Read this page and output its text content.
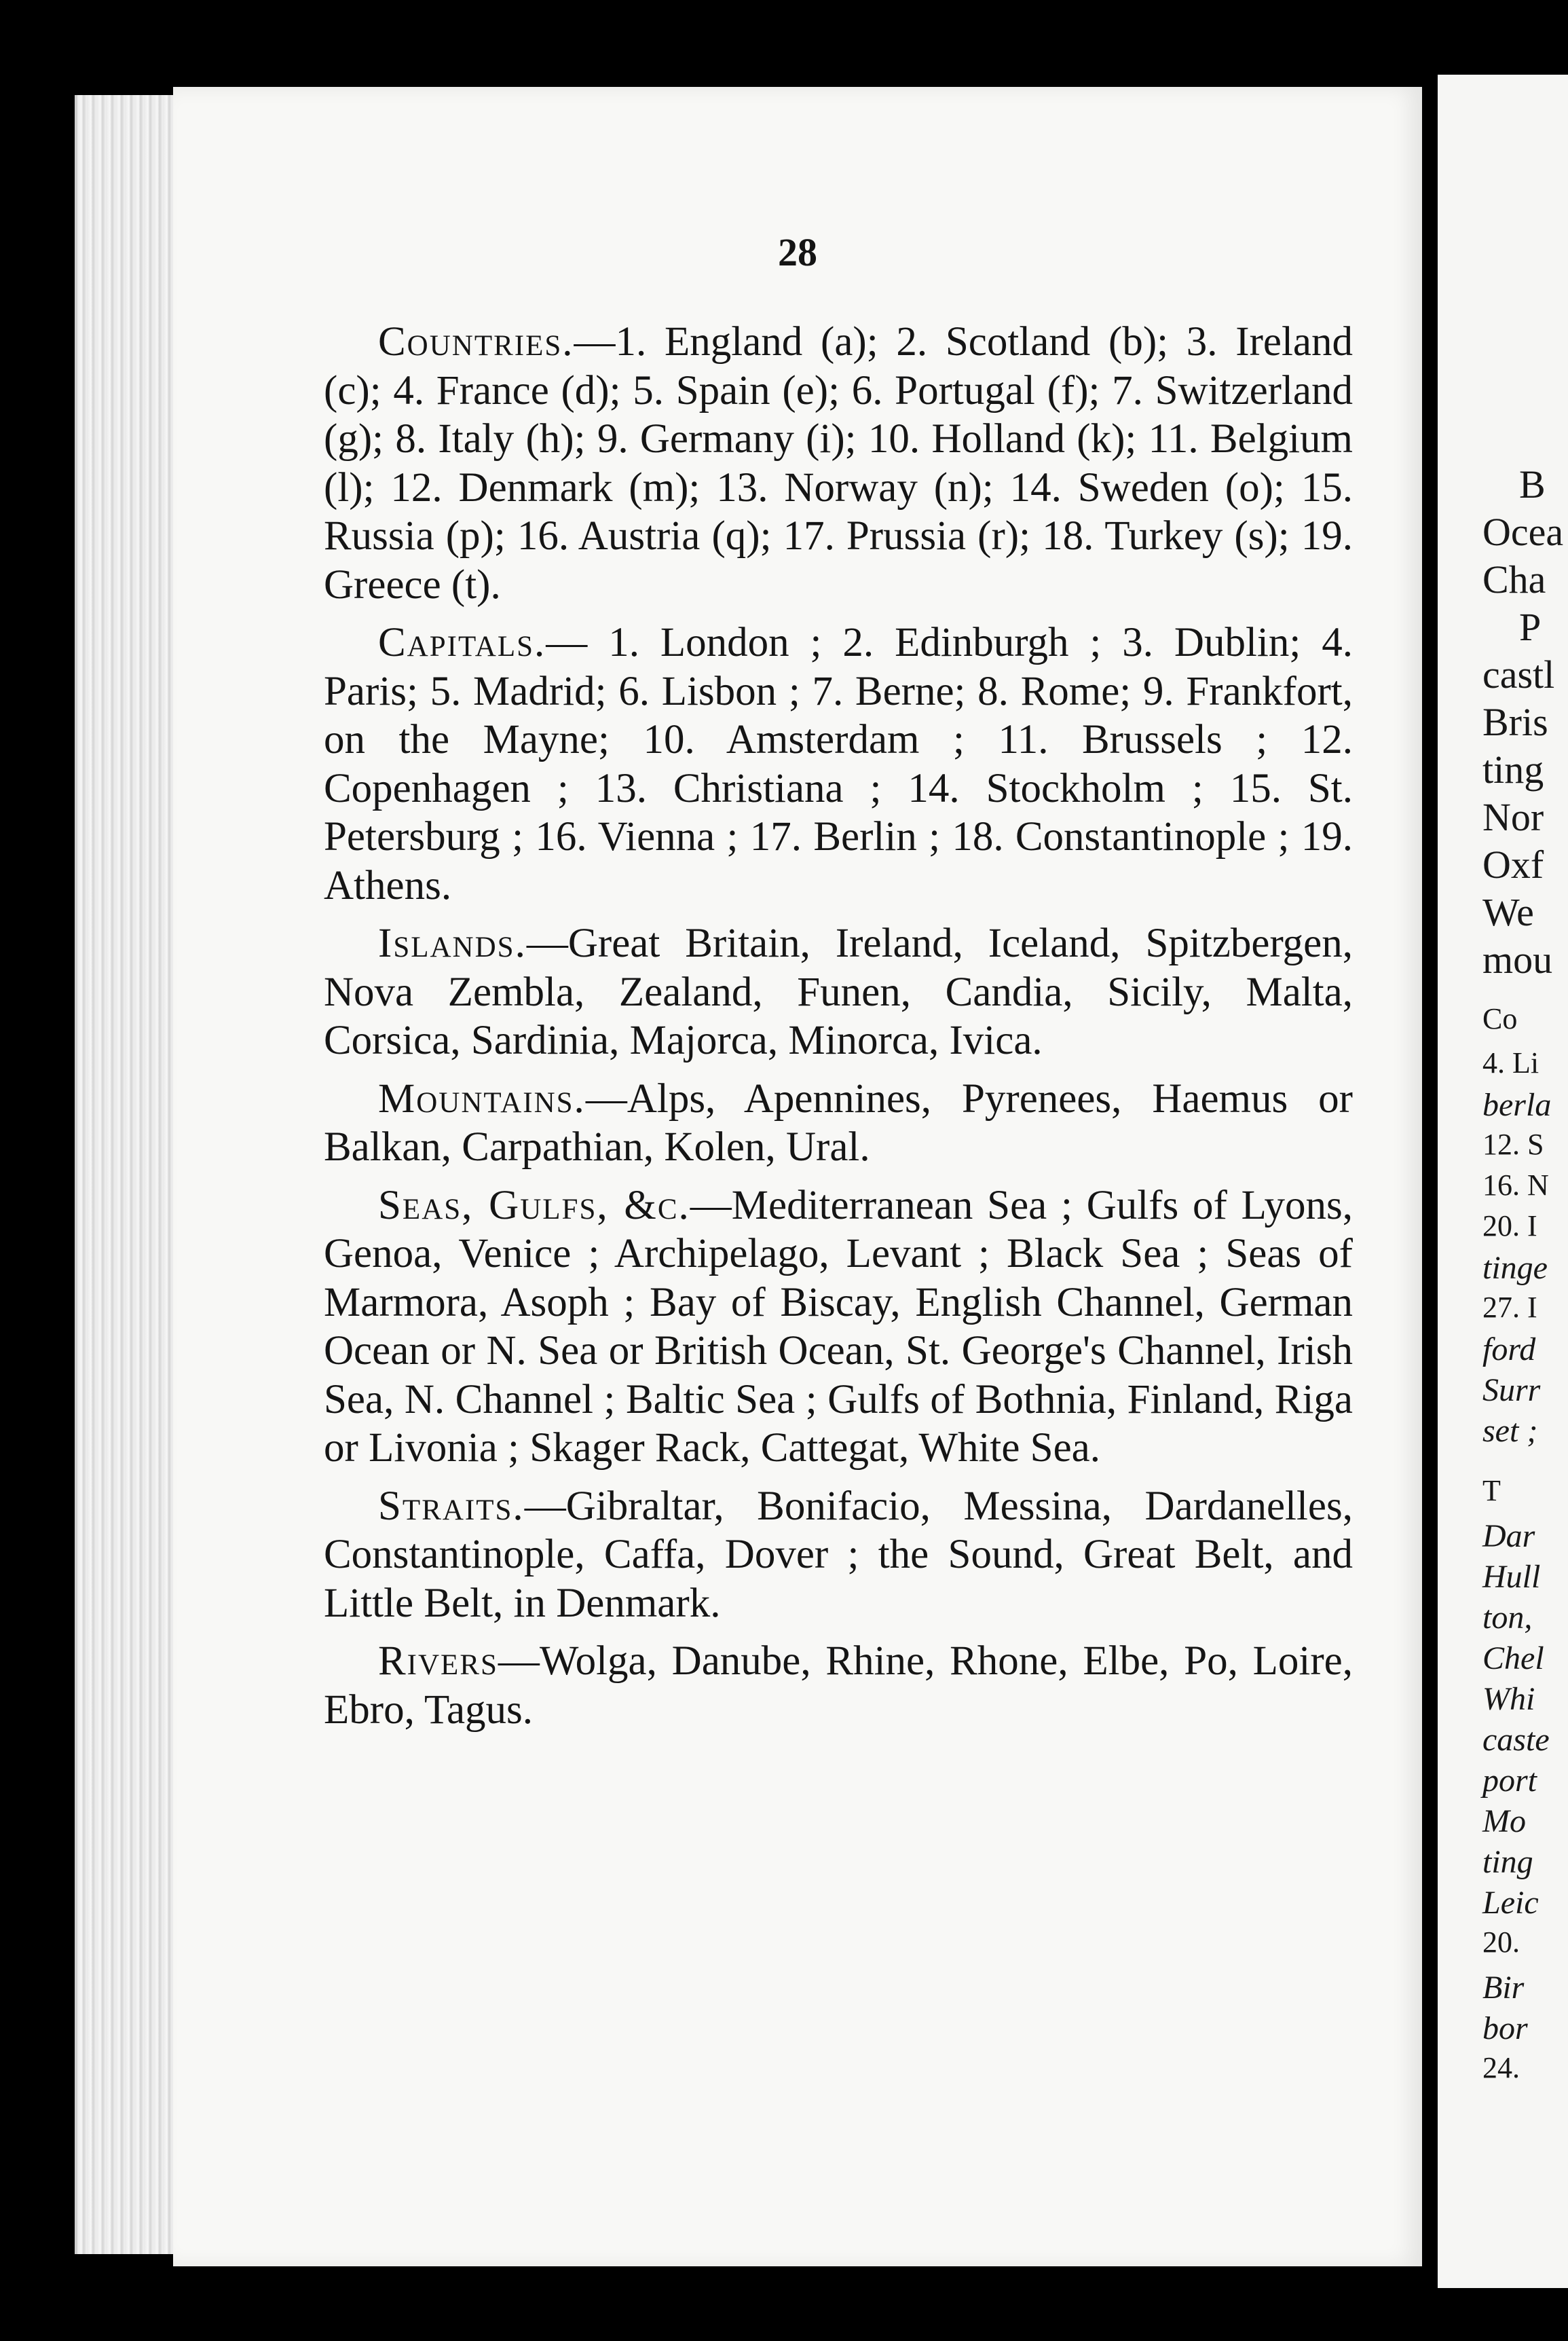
28

Countries.—1. England (a); 2. Scotland (b); 3. Ireland (c); 4. France (d); 5. Spain (e); 6. Portugal (f); 7. Switzerland (g); 8. Italy (h); 9. Germany (i); 10. Holland (k); 11. Belgium (l); 12. Denmark (m); 13. Norway (n); 14. Sweden (o); 15. Russia (p); 16. Austria (q); 17. Prussia (r); 18. Turkey (s); 19. Greece (t).

Capitals.— 1. London ; 2. Edinburgh ; 3. Dublin; 4. Paris; 5. Madrid; 6. Lisbon ; 7. Berne; 8. Rome; 9. Frankfort, on the Mayne; 10. Amsterdam ; 11. Brussels ; 12. Copenhagen ; 13. Christiana ; 14. Stockholm ; 15. St. Petersburg ; 16. Vienna ; 17. Berlin ; 18. Constantinople ; 19. Athens.

Islands.—Great Britain, Ireland, Iceland, Spitzbergen, Nova Zembla, Zealand, Funen, Candia, Sicily, Malta, Corsica, Sardinia, Majorca, Minorca, Ivica.

Mountains.—Alps, Apennines, Pyrenees, Haemus or Balkan, Carpathian, Kolen, Ural.

Seas, Gulfs, &c.—Mediterranean Sea ; Gulfs of Lyons, Genoa, Venice ; Archipelago, Levant ; Black Sea ; Seas of Marmora, Asoph ; Bay of Biscay, English Channel, German Ocean or N. Sea or British Ocean, St. George's Channel, Irish Sea, N. Channel ; Baltic Sea ; Gulfs of Bothnia, Finland, Riga or Livonia ; Skager Rack, Cattegat, White Sea.

Straits.—Gibraltar, Bonifacio, Messina, Dardanelles, Constantinople, Caffa, Dover ; the Sound, Great Belt, and Little Belt, in Denmark.

Rivers—Wolga, Danube, Rhine, Rhone, Elbe, Po, Loire, Ebro, Tagus.

B
Ocea
Cha
P
castl
Bris
ting
Nor
Oxf
We
mou
Co
4. Li
berla
12. S
16. N
20. I
tinge
27. I
ford
Surr
set ;
T
Dar
Hull
ton,
Chel
Whi
caste
port
Mo
ting
Leic
20.
Bir
bor
24.
